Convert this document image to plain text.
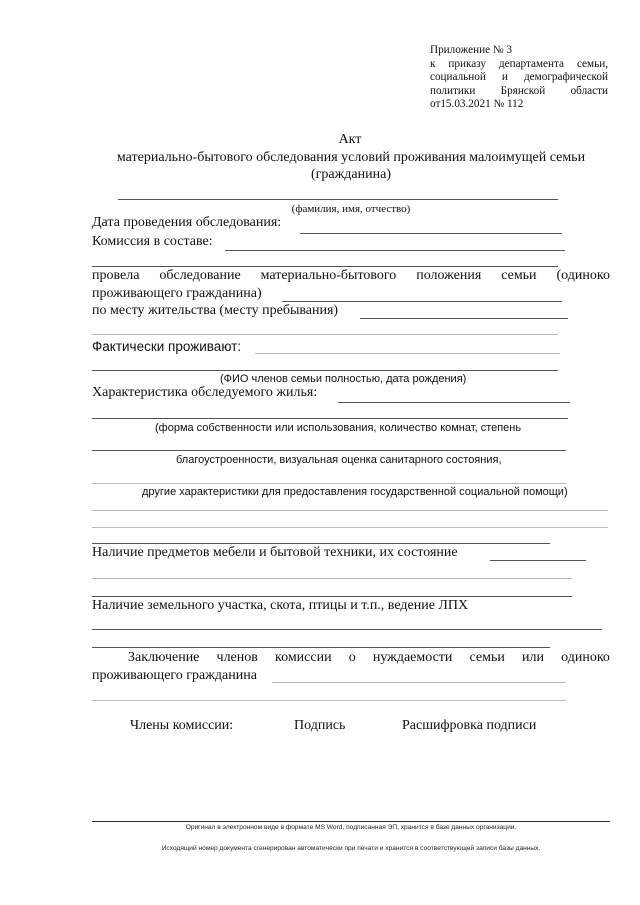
Приложение № 3
к приказу департамента семьи,
социальной и демографической
политики Брянской области
от15.03.2021 № 112
Акт
материально-бытового обследования условий проживания малоимущей семьи
(гражданина)
(фамилия, имя, отчество)
Дата проведения обследования:
Комиссия в составе:
провела обследование материально-бытового положения семьи (одиноко
проживающего гражданина)
по месту жительства (месту пребывания)
Фактически проживают:
(ФИО членов семьи полностью, дата рождения)
Характеристика обследуемого жилья:
(форма собственности или использования, количество комнат, степень
благоустроенности, визуальная оценка санитарного состояния,
другие характеристики для предоставления государственной социальной помощи)
Наличие предметов мебели и бытовой техники, их состояние
Наличие земельного участка, скота, птицы и т.п., ведение ЛПХ
Заключение членов комиссии о нуждаемости семьи или одиноко
проживающего гражданина
Члены комиссии:	Подпись	Расшифровка подписи
Оригинал в электронном виде в формате MS Word, подписанная ЭП, хранится в базе данных организации.
Исходящий номер документа сгенерирован автоматически при печати и хранится в соответствующей записи базы данных.
